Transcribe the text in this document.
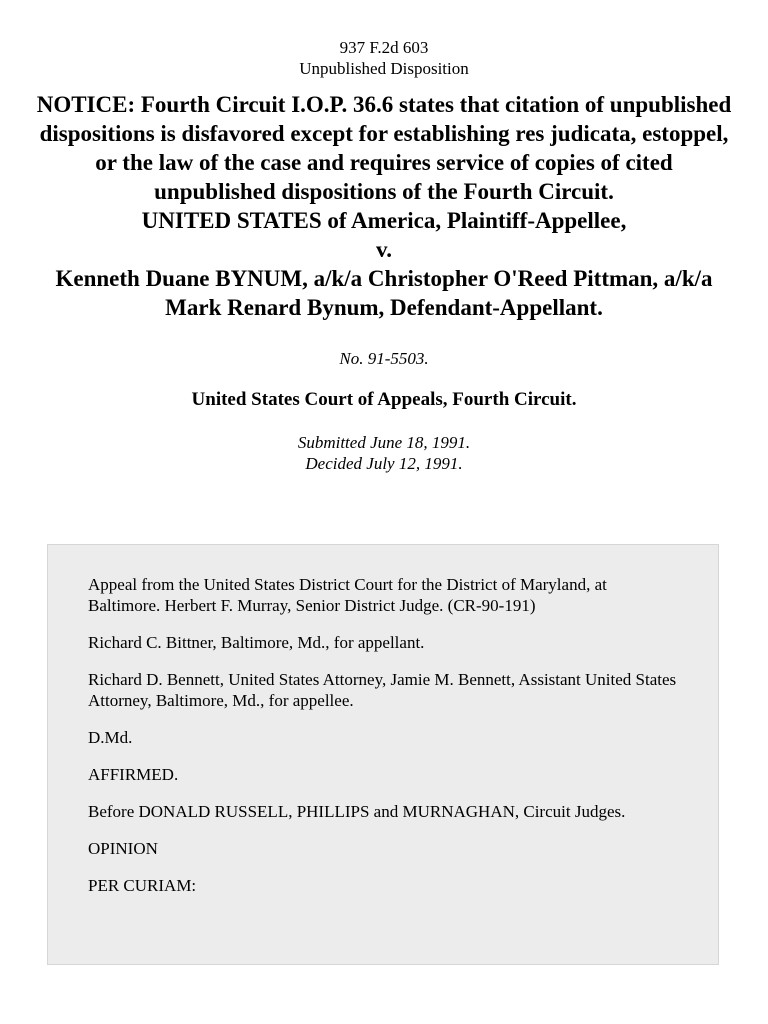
937 F.2d 603
Unpublished Disposition
NOTICE: Fourth Circuit I.O.P. 36.6 states that citation of unpublished dispositions is disfavored except for establishing res judicata, estoppel, or the law of the case and requires service of copies of cited unpublished dispositions of the Fourth Circuit.
UNITED STATES of America, Plaintiff-Appellee,
v.
Kenneth Duane BYNUM, a/k/a Christopher O'Reed Pittman, a/k/a
Mark Renard Bynum, Defendant-Appellant.
No. 91-5503.
United States Court of Appeals, Fourth Circuit.
Submitted June 18, 1991.
Decided July 12, 1991.

Appeal from the United States District Court for the District of Maryland, at Baltimore. Herbert F. Murray, Senior District Judge. (CR-90-191)

Richard C. Bittner, Baltimore, Md., for appellant.

Richard D. Bennett, United States Attorney, Jamie M. Bennett, Assistant United States Attorney, Baltimore, Md., for appellee.

D.Md.

AFFIRMED.

Before DONALD RUSSELL, PHILLIPS and MURNAGHAN, Circuit Judges.

OPINION

PER CURIAM:
